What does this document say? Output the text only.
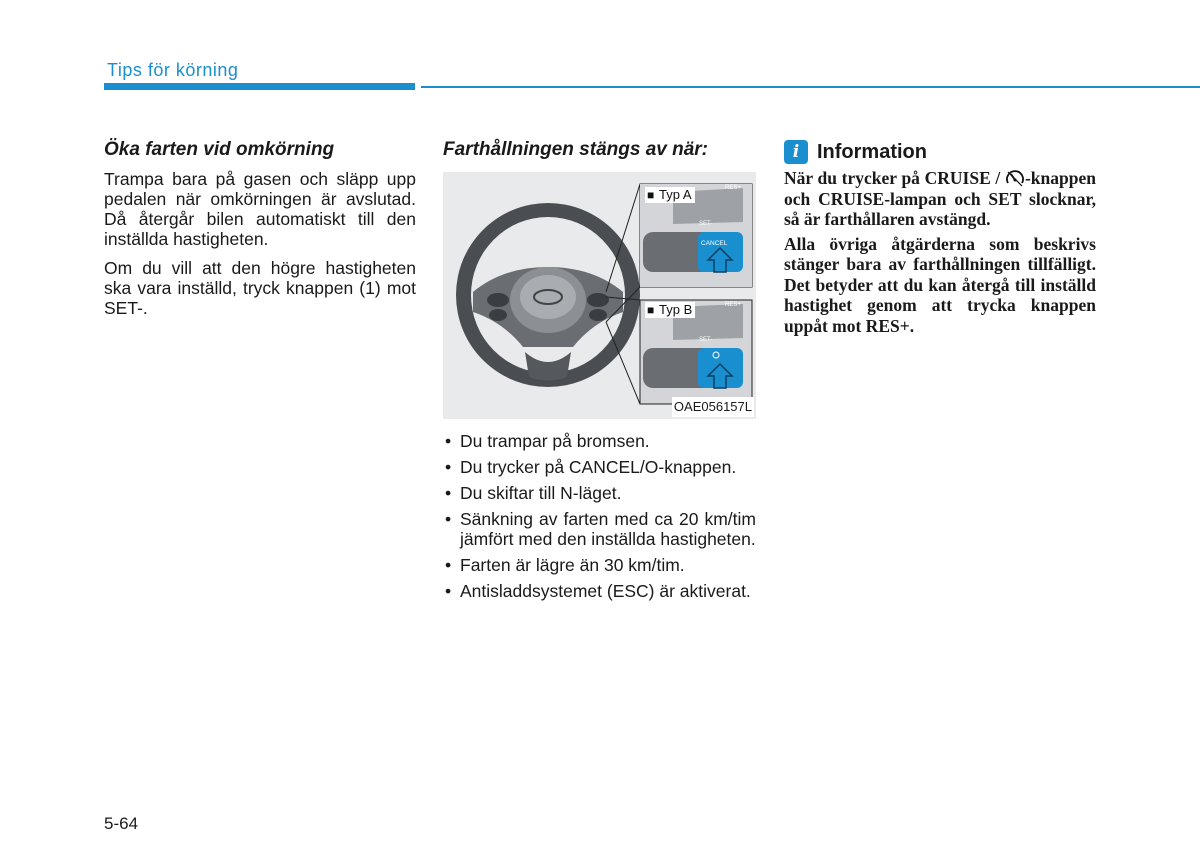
Tips för körning
Öka farten vid omkörning

Trampa bara på gasen och släpp upp pedalen när omkörningen är avslutad. Då återgår bilen automatiskt till den inställda hastigheten.

Om du vill att den högre hastigheten ska vara inställd, tryck knappen (1) mot SET-.

Farthållningen stängs av när:
■ Typ A
■ Typ B
RES+
SET-
CANCEL
RES+
SET-
OAE056157L
• Du trampar på bromsen.
• Du trycker på CANCEL/O-knappen.
• Du skiftar till N-läget.
• Sänkning av farten med ca 20 km/tim jämfört med den inställda hastigheten.
• Farten är lägre än 30 km/tim.
• Antisladdsystemet (ESC) är aktiverat.
i Information

När du trycker på CRUISE / -knappen och CRUISE-lampan och SET slocknar, så är farthållaren avstängd.

Alla övriga åtgärderna som beskrivs stänger bara av farthållningen tillfälligt. Det betyder att du kan återgå till inställd hastighet genom att trycka knappen uppåt mot RES+.

5-64
